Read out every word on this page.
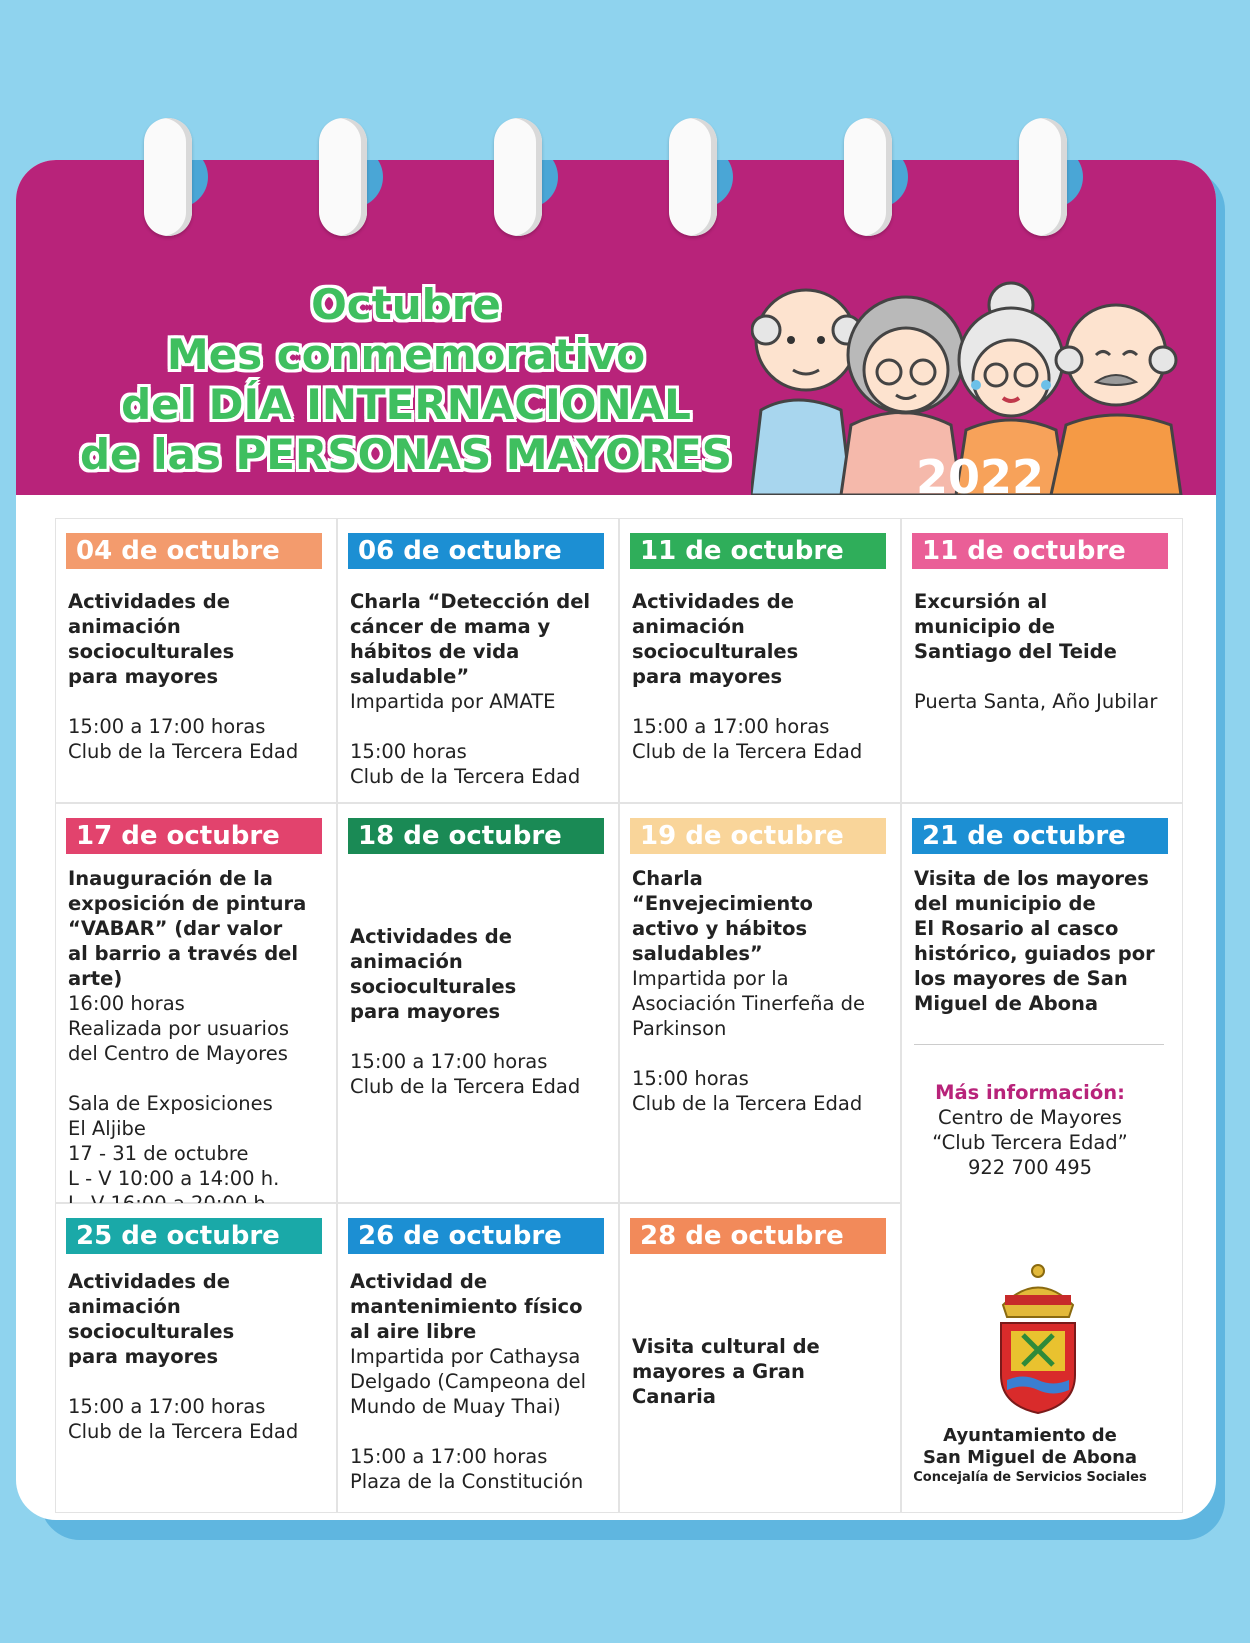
Octubre
Mes conmemorativo
del DÍA INTERNACIONAL
de las PERSONAS MAYORES	2022
04 de octubre
Actividades de
animación
socioculturales
para mayores
15:00 a 17:00 horas
Club de la Tercera Edad
06 de octubre
Charla “Detección del
cáncer de mama y
hábitos de vida
saludable”
Impartida por AMATE
15:00 horas
Club de la Tercera Edad
11 de octubre
Actividades de
animación
socioculturales
para mayores
15:00 a 17:00 horas
Club de la Tercera Edad
11 de octubre
Excursión al
municipio de
Santiago del Teide
Puerta Santa, Año Jubilar
17 de octubre
Inauguración de la
exposición de pintura
“VABAR” (dar valor
al barrio a través del
arte)
16:00 horas
Realizada por usuarios
del Centro de Mayores
Sala de Exposiciones
El Aljibe
17 - 31 de octubre
L - V 10:00 a 14:00 h.

18 de octubre
Actividades de
animación
socioculturales
para mayores
15:00 a 17:00 horas
Club de la Tercera Edad
19 de octubre
Charla
“Envejecimiento
activo y hábitos
saludables”
Impartida por la
Asociación Tinerfeña de
Parkinson
15:00 horas
Club de la Tercera Edad
21 de octubre
Visita de los mayores
del municipio de
El Rosario al casco
histórico, guiados por
los mayores de San
Miguel de Abona
25 de octubre
Actividades de
animación
socioculturales
para mayores
15:00 a 17:00 horas
Club de la Tercera Edad
26 de octubre
Actividad de
mantenimiento físico
al aire libre
Impartida por Cathaysa
Delgado (Campeona del
Mundo de Muay Thai)
15:00 a 17:00 horas
Plaza de la Constitución
28 de octubre
Visita cultural de
mayores a Gran
Canaria
Más información:
Centro de Mayores
“Club Tercera Edad”
922 700 495
Ayuntamiento de
San Miguel de Abona
Concejalía de Servicios Sociales
